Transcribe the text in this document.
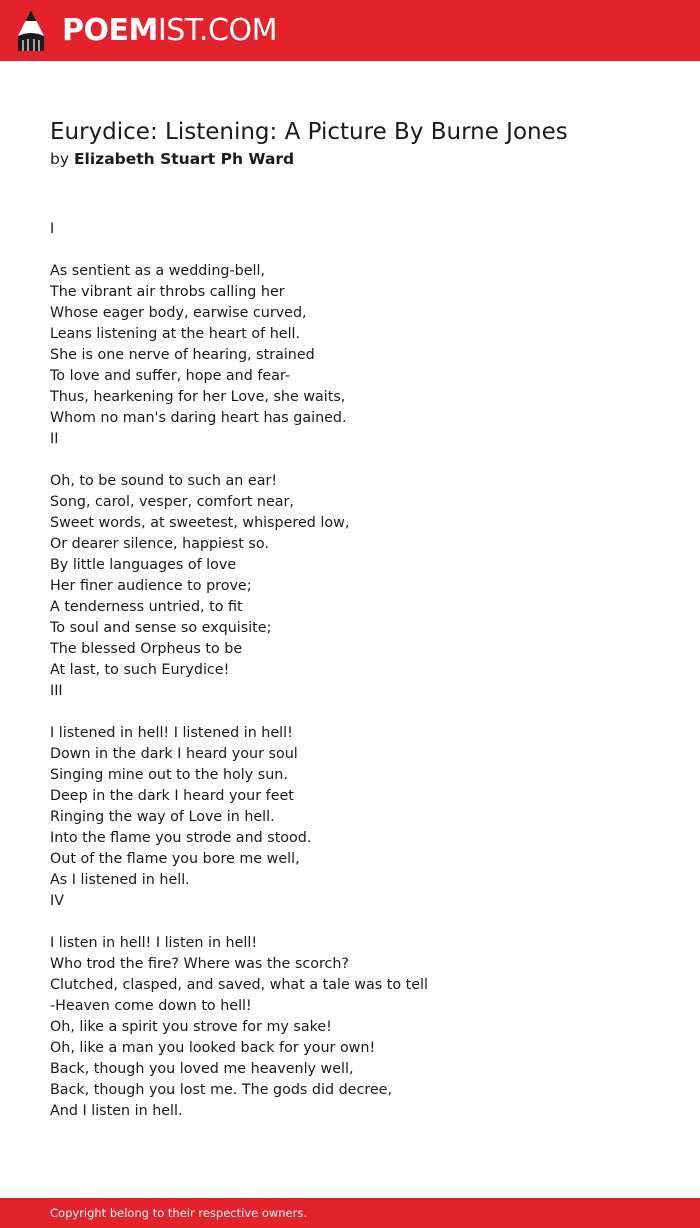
POEMIST.COM
Eurydice: Listening: A Picture By Burne Jones
by Elizabeth Stuart Ph Ward
I
As sentient as a wedding-bell,
The vibrant air throbs calling her
Whose eager body, earwise curved,
Leans listening at the heart of hell.
She is one nerve of hearing, strained
To love and suffer, hope and fear-
Thus, hearkening for her Love, she waits,
Whom no man's daring heart has gained.
II
Oh, to be sound to such an ear!
Song, carol, vesper, comfort near,
Sweet words, at sweetest, whispered low,
Or dearer silence, happiest so.
By little languages of love
Her finer audience to prove;
A tenderness untried, to fit
To soul and sense so exquisite;
The blessed Orpheus to be
At last, to such Eurydice!
III
I listened in hell! I listened in hell!
Down in the dark I heard your soul
Singing mine out to the holy sun.
Deep in the dark I heard your feet
Ringing the way of Love in hell.
Into the flame you strode and stood.
Out of the flame you bore me well,
As I listened in hell.
IV
I listen in hell! I listen in hell!
Who trod the fire? Where was the scorch?
Clutched, clasped, and saved, what a tale was to tell
-Heaven come down to hell!
Oh, like a spirit you strove for my sake!
Oh, like a man you looked back for your own!
Back, though you loved me heavenly well,
Back, though you lost me. The gods did decree,
And I listen in hell.
Copyright belong to their respective owners.
